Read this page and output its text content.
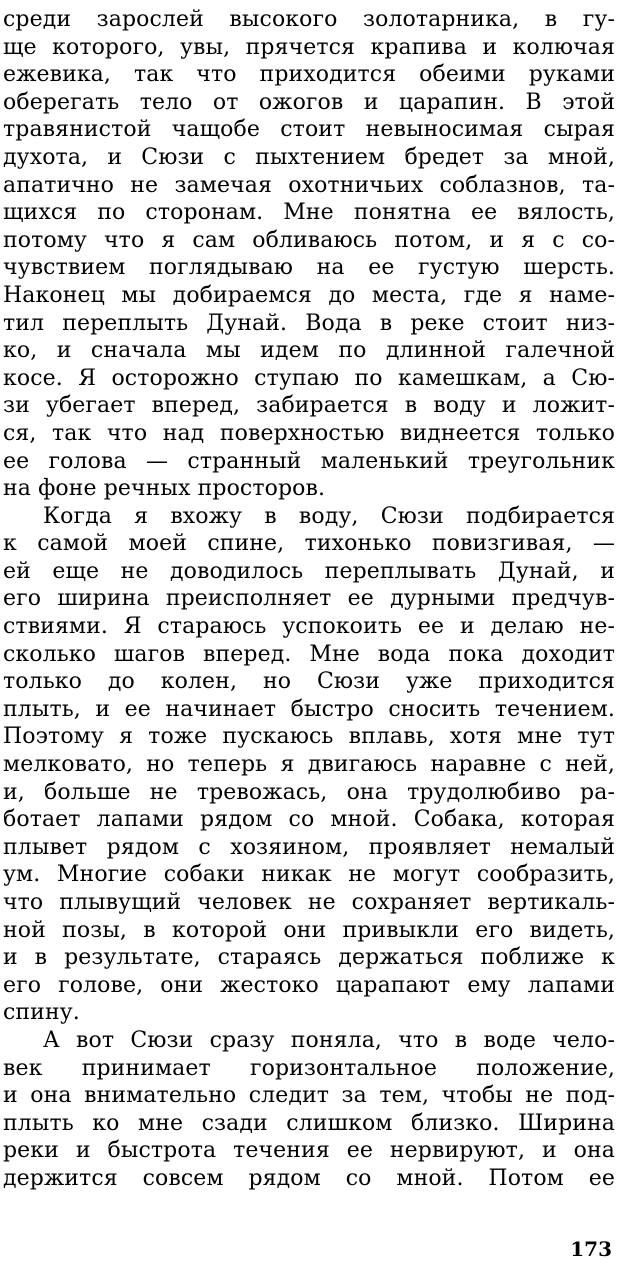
среди зарослей высокого золотарника, в гу-
ще которого, увы, прячется крапива и колючая
ежевика, так что приходится обеими руками
оберегать тело от ожогов и царапин. В этой
травянистой чащобе стоит невыносимая сырая
духота, и Сюзи с пыхтением бредет за мной,
апатично не замечая охотничьих соблазнов, та-
щихся по сторонам. Мне понятна ее вялость,
потому что я сам обливаюсь потом, и я с со-
чувствием поглядываю на ее густую шерсть.
Наконец мы добираемся до места, где я наме-
тил переплыть Дунай. Вода в реке стоит низ-
ко, и сначала мы идем по длинной галечной
косе. Я осторожно ступаю по камешкам, а Сю-
зи убегает вперед, забирается в воду и ложит-
ся, так что над поверхностью виднеется только
ее голова — странный маленький треугольник
на фоне речных просторов.
Когда я вхожу в воду, Сюзи подбирается
к самой моей спине, тихонько повизгивая, —
ей еще не доводилось переплывать Дунай, и
его ширина преисполняет ее дурными предчув-
ствиями. Я стараюсь успокоить ее и делаю не-
сколько шагов вперед. Мне вода пока доходит
только до колен, но Сюзи уже приходится
плыть, и ее начинает быстро сносить течением.
Поэтому я тоже пускаюсь вплавь, хотя мне тут
мелковато, но теперь я двигаюсь наравне с ней,
и, больше не тревожась, она трудолюбиво ра-
ботает лапами рядом со мной. Собака, которая
плывет рядом с хозяином, проявляет немалый
ум. Многие собаки никак не могут сообразить,
что плывущий человек не сохраняет вертикаль-
ной позы, в которой они привыкли его видеть,
и в результате, стараясь держаться поближе к
его голове, они жестоко царапают ему лапами
спину.
А вот Сюзи сразу поняла, что в воде чело-
век принимает горизонтальное положение,
и она внимательно следит за тем, чтобы не под-
плыть ко мне сзади слишком близко. Ширина
реки и быстрота течения ее нервируют, и она
держится совсем рядом со мной. Потом ее
173
